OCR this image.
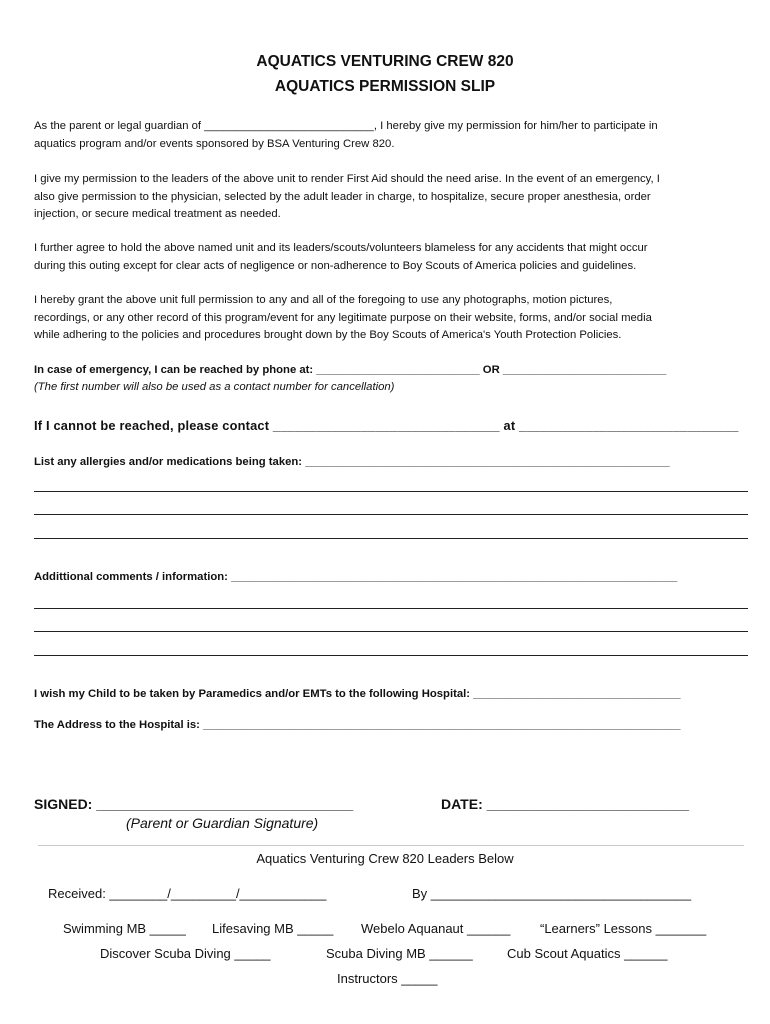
AQUATICS VENTURING CREW 820
AQUATICS PERMISSION SLIP
As the parent or legal guardian of ___________________________, I hereby give my permission for him/her to participate in
aquatics program and/or events sponsored by BSA Venturing Crew 820.
I give my permission to the leaders of the above unit to render First Aid should the need arise. In the event of an emergency, I
also give permission to the physician, selected by the adult leader in charge, to hospitalize, secure proper anesthesia, order
injection, or secure medical treatment as needed.
I further agree to hold the above named unit and its leaders/scouts/volunteers blameless for any accidents that might occur
during this outing except for clear acts of negligence or non-adherence to Boy Scouts of America policies and guidelines.
I hereby grant the above unit full permission to any and all of the foregoing to use any photographs, motion pictures,
recordings, or any other record of this program/event for any legitimate purpose on their website, forms, and/or social media
while adhering to the policies and procedures brought down by the Boy Scouts of America's Youth Protection Policies.
In case of emergency, I can be reached by phone at: __________________________ OR __________________________
(The first number will also be used as a contact number for cancellation)
If I cannot be reached, please contact _______________________________ at ______________________________
List any allergies and/or medications being taken: __________________________________________________________
Addittional comments / information: _______________________________________________________________________
I wish my Child to be taken by Paramedics and/or EMTs to the following Hospital: _________________________________
The Address to the Hospital is: ____________________________________________________________________________
SIGNED: _________________________________	DATE: __________________________
(Parent or Guardian Signature)
Aquatics Venturing Crew 820 Leaders Below
Received: ________/_________/____________	By ____________________________________
Swimming MB _____ Lifesaving MB _____ Webelo Aquanaut ______ “Learners” Lessons _______
Discover Scuba Diving _____	Scuba Diving MB ______	Cub Scout Aquatics ______
Instructors _____
